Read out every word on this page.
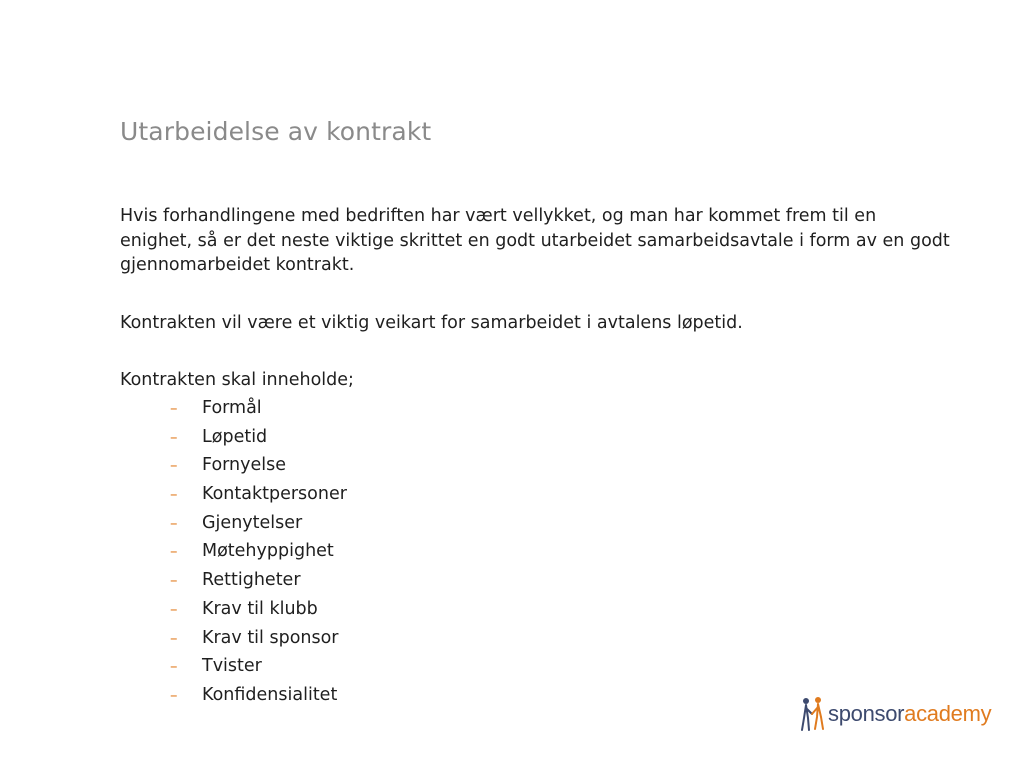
Utarbeidelse av kontrakt
Hvis forhandlingene med bedriften har vært vellykket, og man har kommet frem til en enighet, så er det neste viktige skrittet en godt utarbeidet samarbeidsavtale i form av en godt gjennomarbeidet kontrakt.
Kontrakten vil være et viktig veikart for samarbeidet i avtalens løpetid.
Kontrakten skal inneholde;
– Formål
– Løpetid
– Fornyelse
– Kontaktpersoner
– Gjenytelser
– Møtehyppighet
– Rettigheter
– Krav til klubb
– Krav til sponsor
– Tvister
– Konfidensialitet
sponsoracademy
